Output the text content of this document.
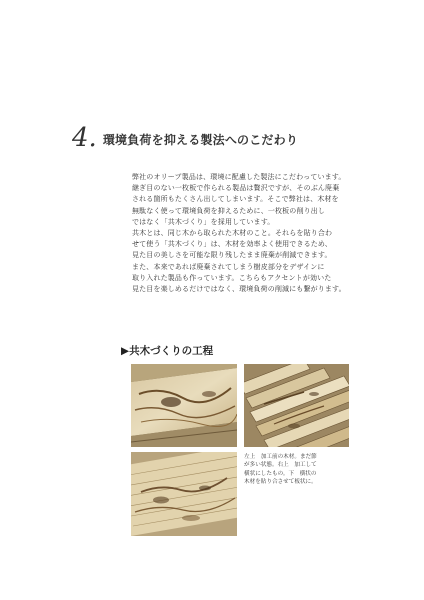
4. 環境負荷を抑える製法へのこだわり

弊社のオリーブ製品は、環境に配慮した製法にこだわっています。

継ぎ目のない一枚板で作られる製品は贅沢ですが、そのぶん廃棄

される箇所もたくさん出してしまいます。そこで弊社は、木材を

無駄なく使って環境負荷を抑えるために、一枚板の削り出し

ではなく「共木づくり」を採用しています。

共木とは、同じ木から取られた木材のこと。それらを貼り合わ

せて使う「共木づくり」は、木材を効率よく使用できるため、

見た目の美しさを可能な限り残したまま廃棄が削減できます。

また、本来であれば廃棄されてしまう樹皮部分をデザインに

取り入れた製品も作っています。こちらもアクセントが効いた

見た目を楽しめるだけではなく、環境負荷の削減にも繋がります。

▶共木づくりの工程

左上　加工前の木材。まだ節

が多い状態。右上　加工して

横状にしたもの。下　横状の

木材を貼り合させて板状に。
